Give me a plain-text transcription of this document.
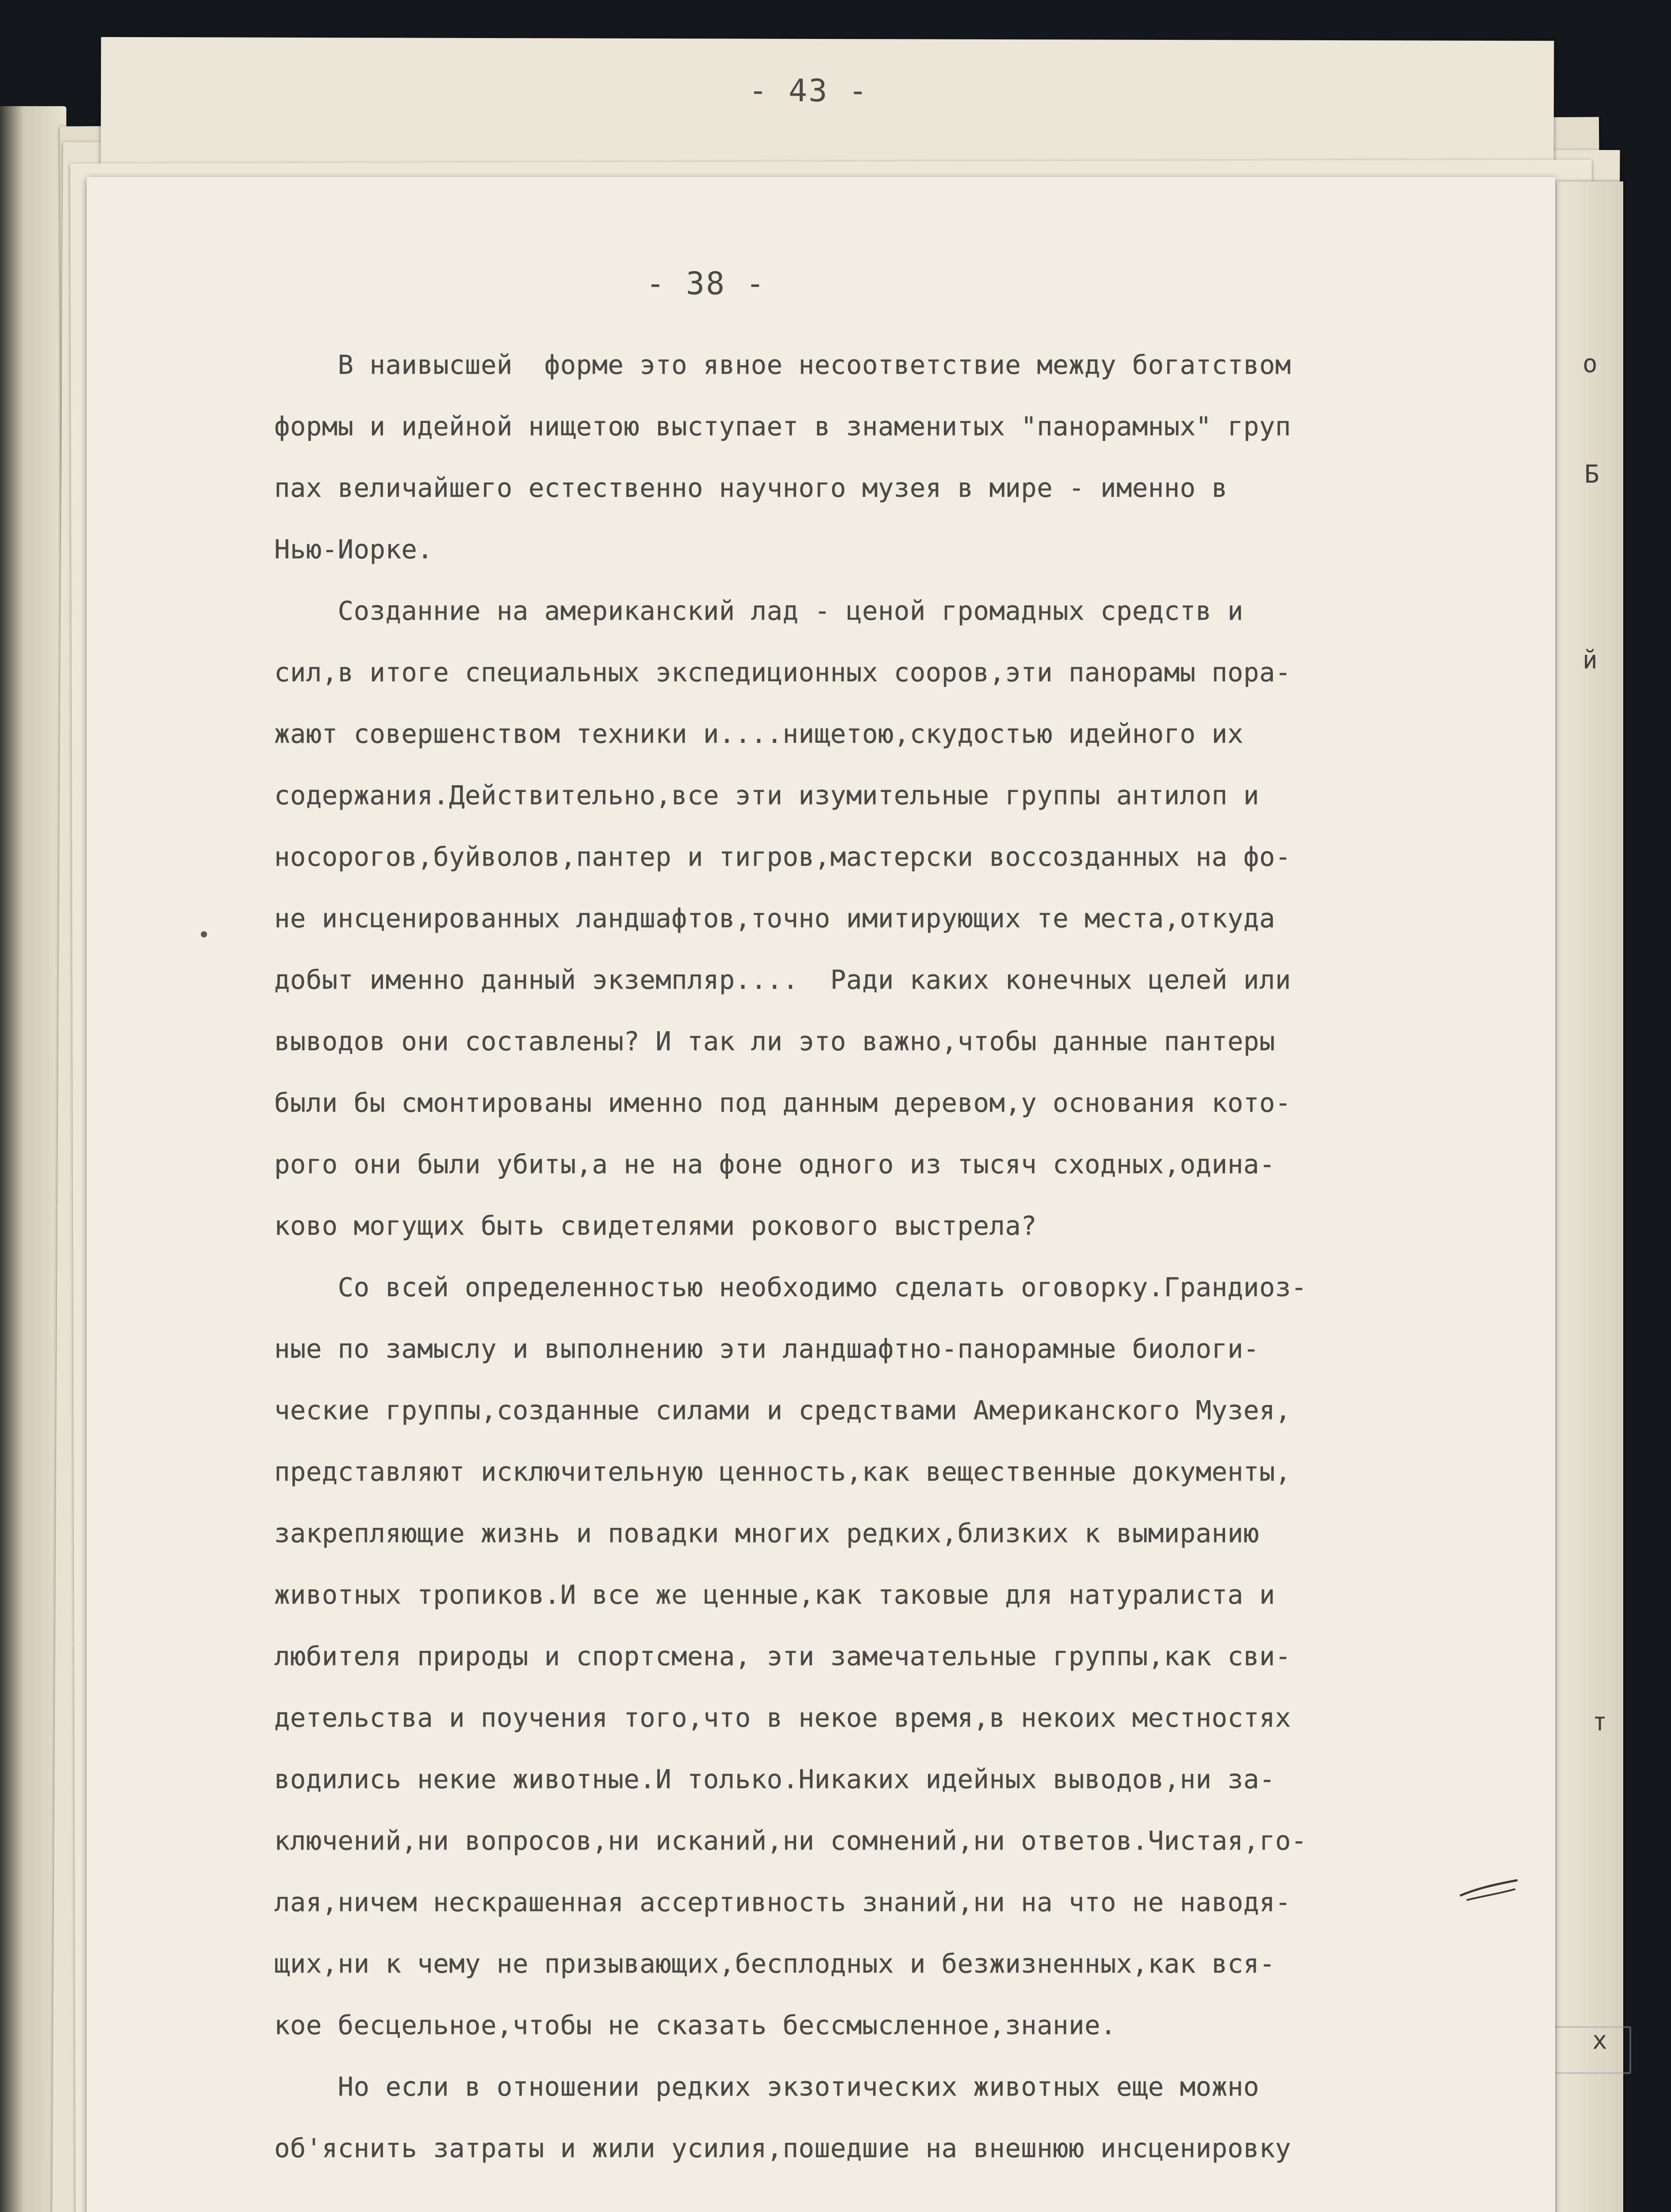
- 43 -
о
Б
й
т
х
- 38 -
В наивысшей  форме это явное несоответствие между богатством
формы и идейной нищетою выступает в знаменитых "панорамных" груп
пах величайшего естественно научного музея в мире - именно в
Нью-Иорке.
Созданние на американский лад - ценой громадных средств и
сил,в итоге специальных экспедиционных сооров,эти панорамы пора-
жают совершенством техники и....нищетою,скудостью идейного их
содержания.Действительно,все эти изумительные группы антилоп и
носорогов,буйволов,пантер и тигров,мастерски воссозданных на фо-
не инсценированных ландшафтов,точно имитирующих те места,откуда
добыт именно данный экземпляр....  Ради каких конечных целей или
выводов они составлены? И так ли это важно,чтобы данные пантеры
были бы смонтированы именно под данным деревом,у основания кото-
рого они были убиты,а не на фоне одного из тысяч сходных,одина-
ково могущих быть свидетелями рокового выстрела?
Со всей определенностью необходимо сделать оговорку.Грандиоз-
ные по замыслу и выполнению эти ландшафтно-панорамные биологи-
ческие группы,созданные силами и средствами Американского Музея,
представляют исключительную ценность,как вещественные документы,
закрепляющие жизнь и повадки многих редких,близких к вымиранию
животных тропиков.И все же ценные,как таковые для натуралиста и
любителя природы и спортсмена, эти замечательные группы,как сви-
детельства и поучения того,что в некое время,в некоих местностях
водились некие животные.И только.Никаких идейных выводов,ни за-
ключений,ни вопросов,ни исканий,ни сомнений,ни ответов.Чистая,го-
лая,ничем нескрашенная ассертивность знаний,ни на что не наводя-
щих,ни к чему не призывающих,бесплодных и безжизненных,как вся-
кое бесцельное,чтобы не сказать бессмысленное,знание.
Но если в отношении редких экзотических животных еще можно
об'яснить затраты и жили усилия,пошедшие на внешнюю инсценировку
